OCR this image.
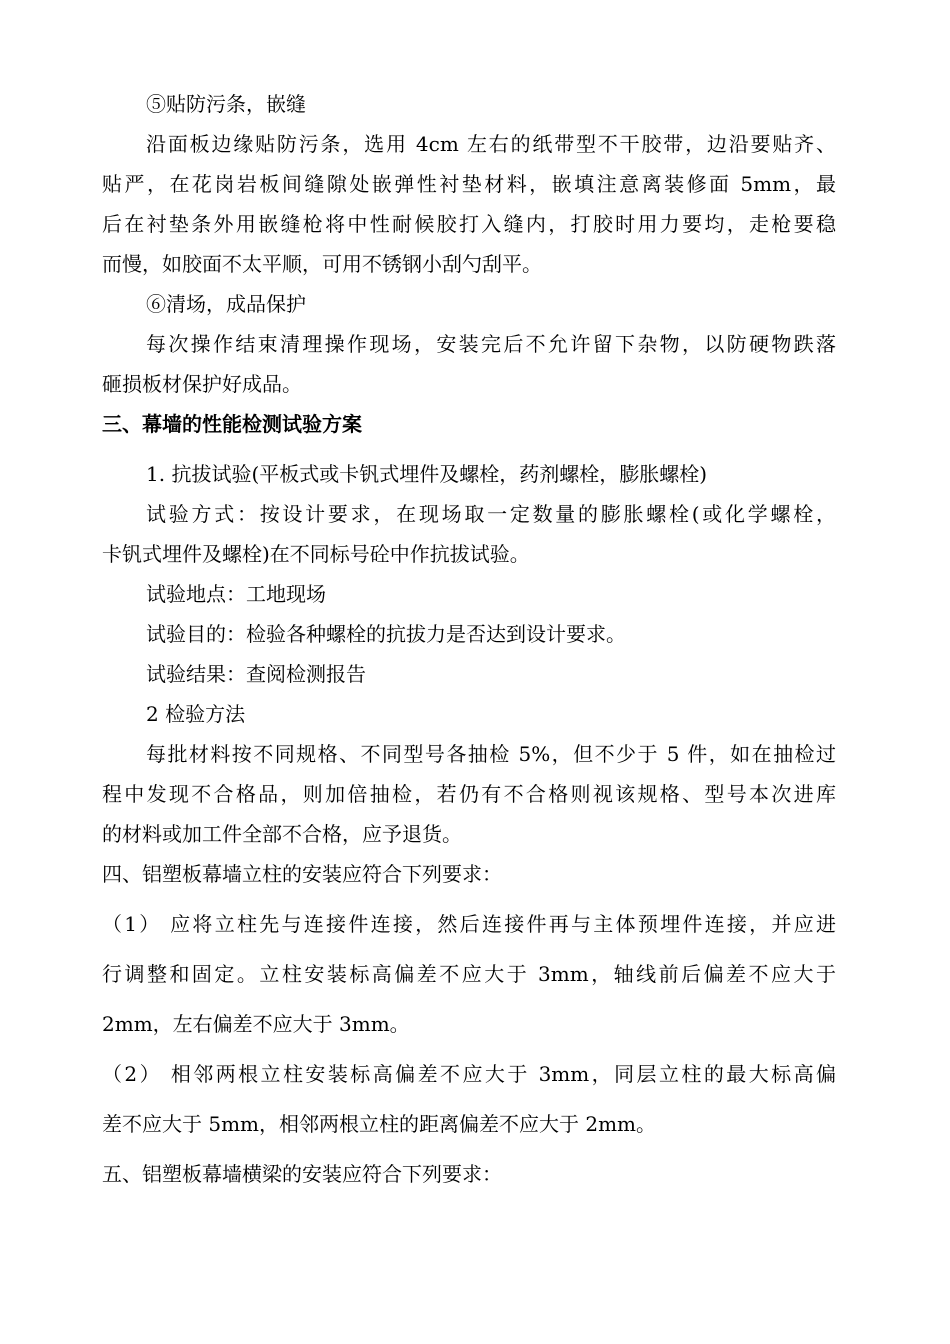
⑤贴防污条，嵌缝
沿面板边缘贴防污条，选用 4cm 左右的纸带型不干胶带，边沿要贴齐、
贴严，在花岗岩板间缝隙处嵌弹性衬垫材料，嵌填注意离装修面 5mm，最
后在衬垫条外用嵌缝枪将中性耐候胶打入缝内，打胶时用力要均，走枪要稳
而慢，如胶面不太平顺，可用不锈钢小刮勺刮平。
⑥清场，成品保护
每次操作结束清理操作现场，安装完后不允许留下杂物，以防硬物跌落
砸损板材保护好成品。
三、幕墙的性能检测试验方案
1. 抗拔试验(平板式或卡钒式埋件及螺栓，药剂螺栓，膨胀螺栓)
试验方式：按设计要求，在现场取一定数量的膨胀螺栓(或化学螺栓，
卡钒式埋件及螺栓)在不同标号砼中作抗拔试验。
试验地点：工地现场
试验目的：检验各种螺栓的抗拔力是否达到设计要求。
试验结果：查阅检测报告
2 检验方法
每批材料按不同规格、不同型号各抽检 5%，但不少于 5 件，如在抽检过
程中发现不合格品，则加倍抽检，若仍有不合格则视该规格、型号本次进库
的材料或加工件全部不合格，应予退货。
四、铝塑板幕墙立柱的安装应符合下列要求：
（1） 应将立柱先与连接件连接，然后连接件再与主体预埋件连接，并应进
行调整和固定。立柱安装标高偏差不应大于 3mm，轴线前后偏差不应大于
2mm，左右偏差不应大于 3mm。
（2） 相邻两根立柱安装标高偏差不应大于 3mm，同层立柱的最大标高偏
差不应大于 5mm，相邻两根立柱的距离偏差不应大于 2mm。
五、铝塑板幕墙横梁的安装应符合下列要求：
